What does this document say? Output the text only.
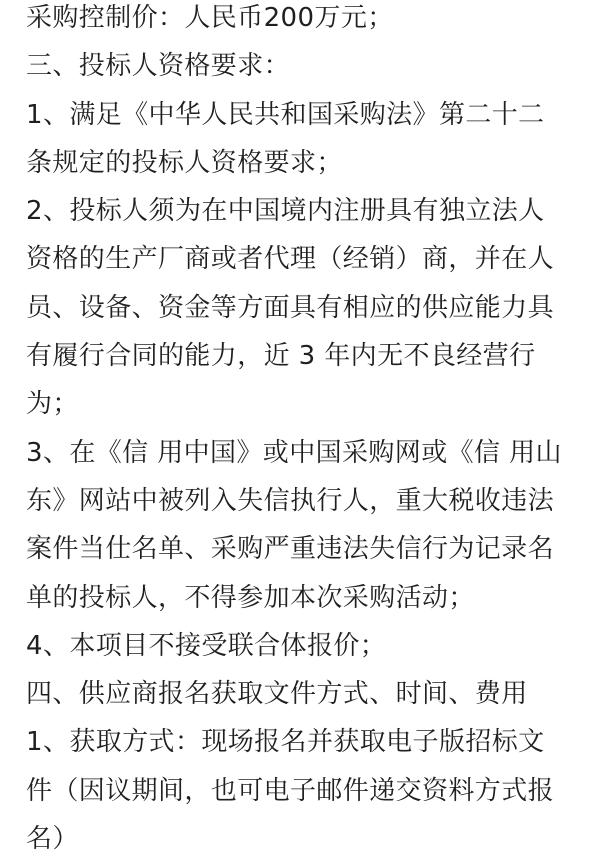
采购控制价：人民币200万元；
三、投标人资格要求：
1、满足《中华人民共和国采购法》第二十二
条规定的投标人资格要求；
2、投标人须为在中国境内注册具有独立法人
资格的生产厂商或者代理（经销）商，并在人
员、设备、资金等方面具有相应的供应能力具
有履行合同的能力，近 3 年内无不良经营行
为；
3、在《信 用中国》或中国采购网或《信 用山
东》网站中被列入失信执行人，重大税收违法
案件当仕名单、采购严重违法失信行为记录名
单的投标人，不得参加本次采购活动；
4、本项目不接受联合体报价；
四、供应商报名获取文件方式、时间、费用
1、获取方式：现场报名并获取电子版招标文
件（因议期间，也可电子邮件递交资料方式报
名）
